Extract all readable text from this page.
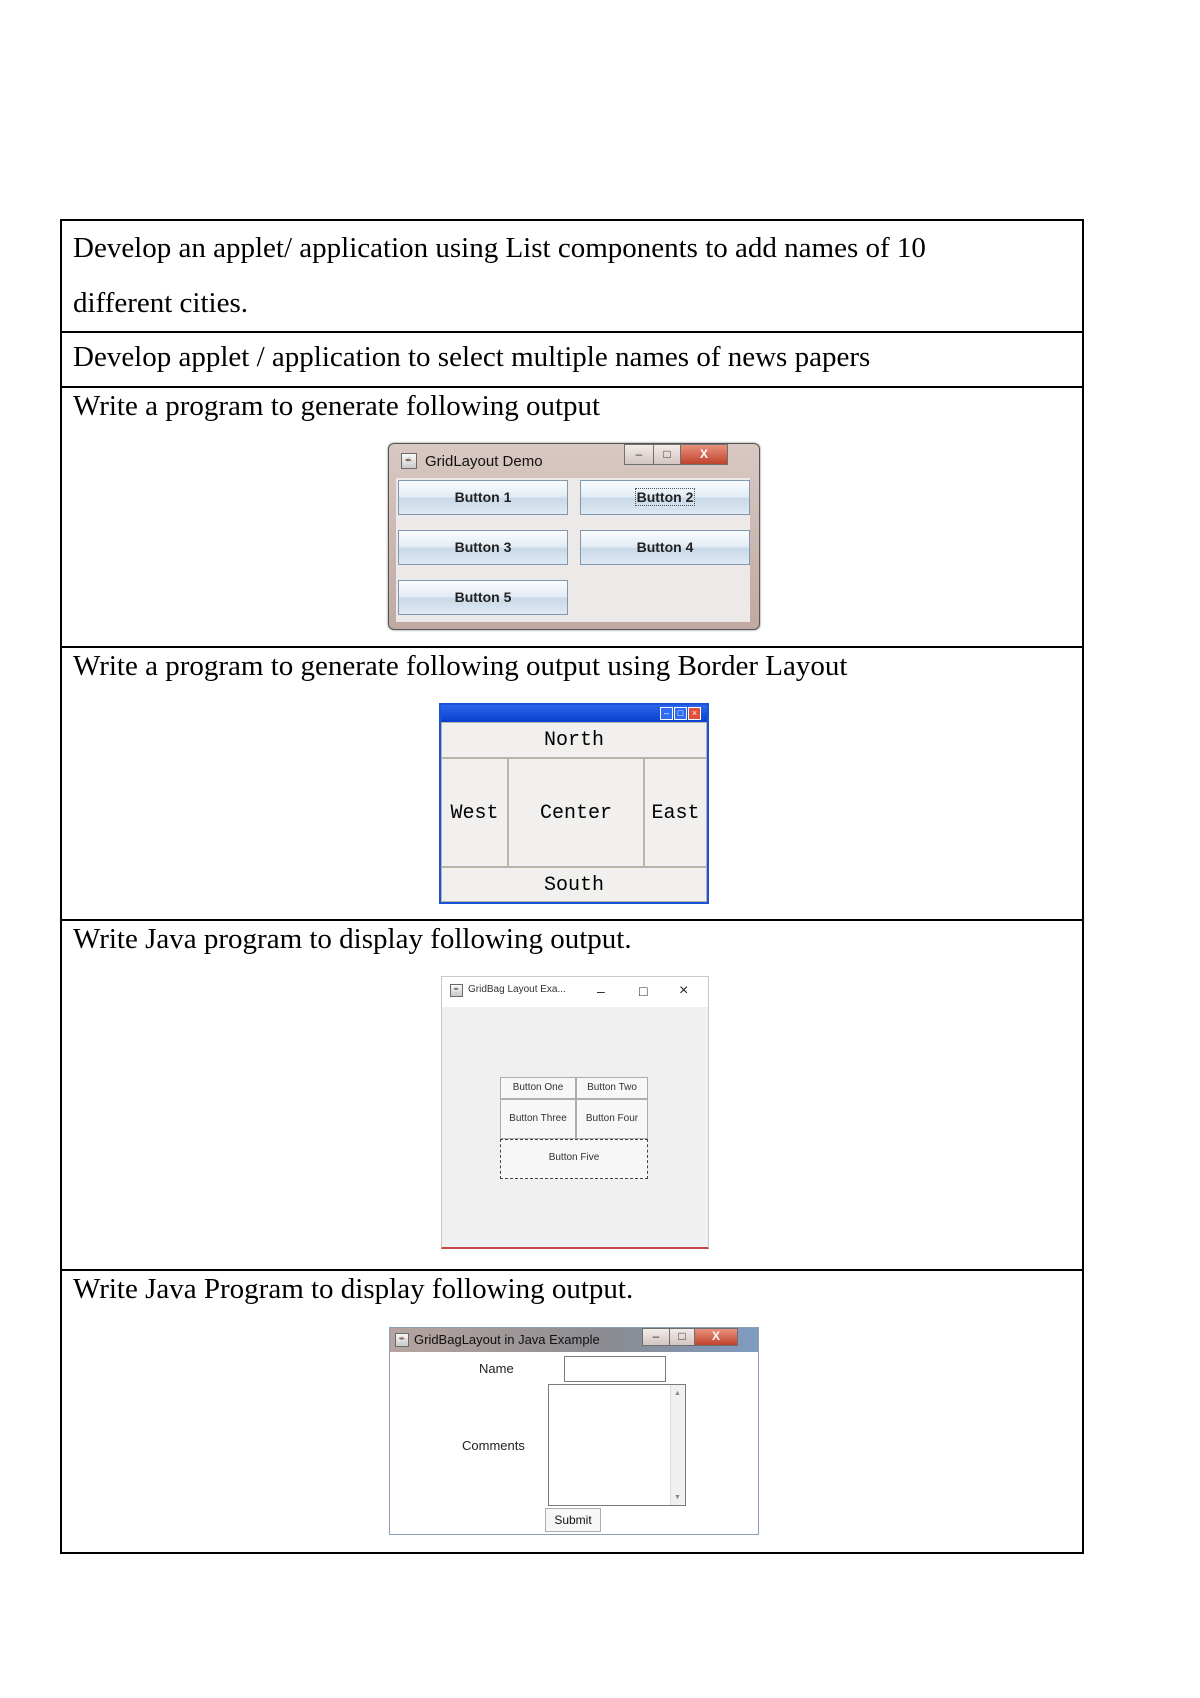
Develop an applet/ application using List components to add names of 10
different cities.
Develop applet / application to select multiple names of news papers
Write a program to generate following output
☕ GridLayout Demo	–	□	X
Button 1	Button 2
Button 3	Button 4
Button 5
Write a program to generate following output using Border Layout
– □ ×
North
West	Center	East
South
Write Java program to display following output.
☕ GridBag Layout Exa... – □ ×
Button One	Button Two
Button Three	Button Four
Button Five
Write Java Program to display following output.
☕ GridBagLayout in Java Example	–	□	X
Name
Comments
▲
▼
Submit
